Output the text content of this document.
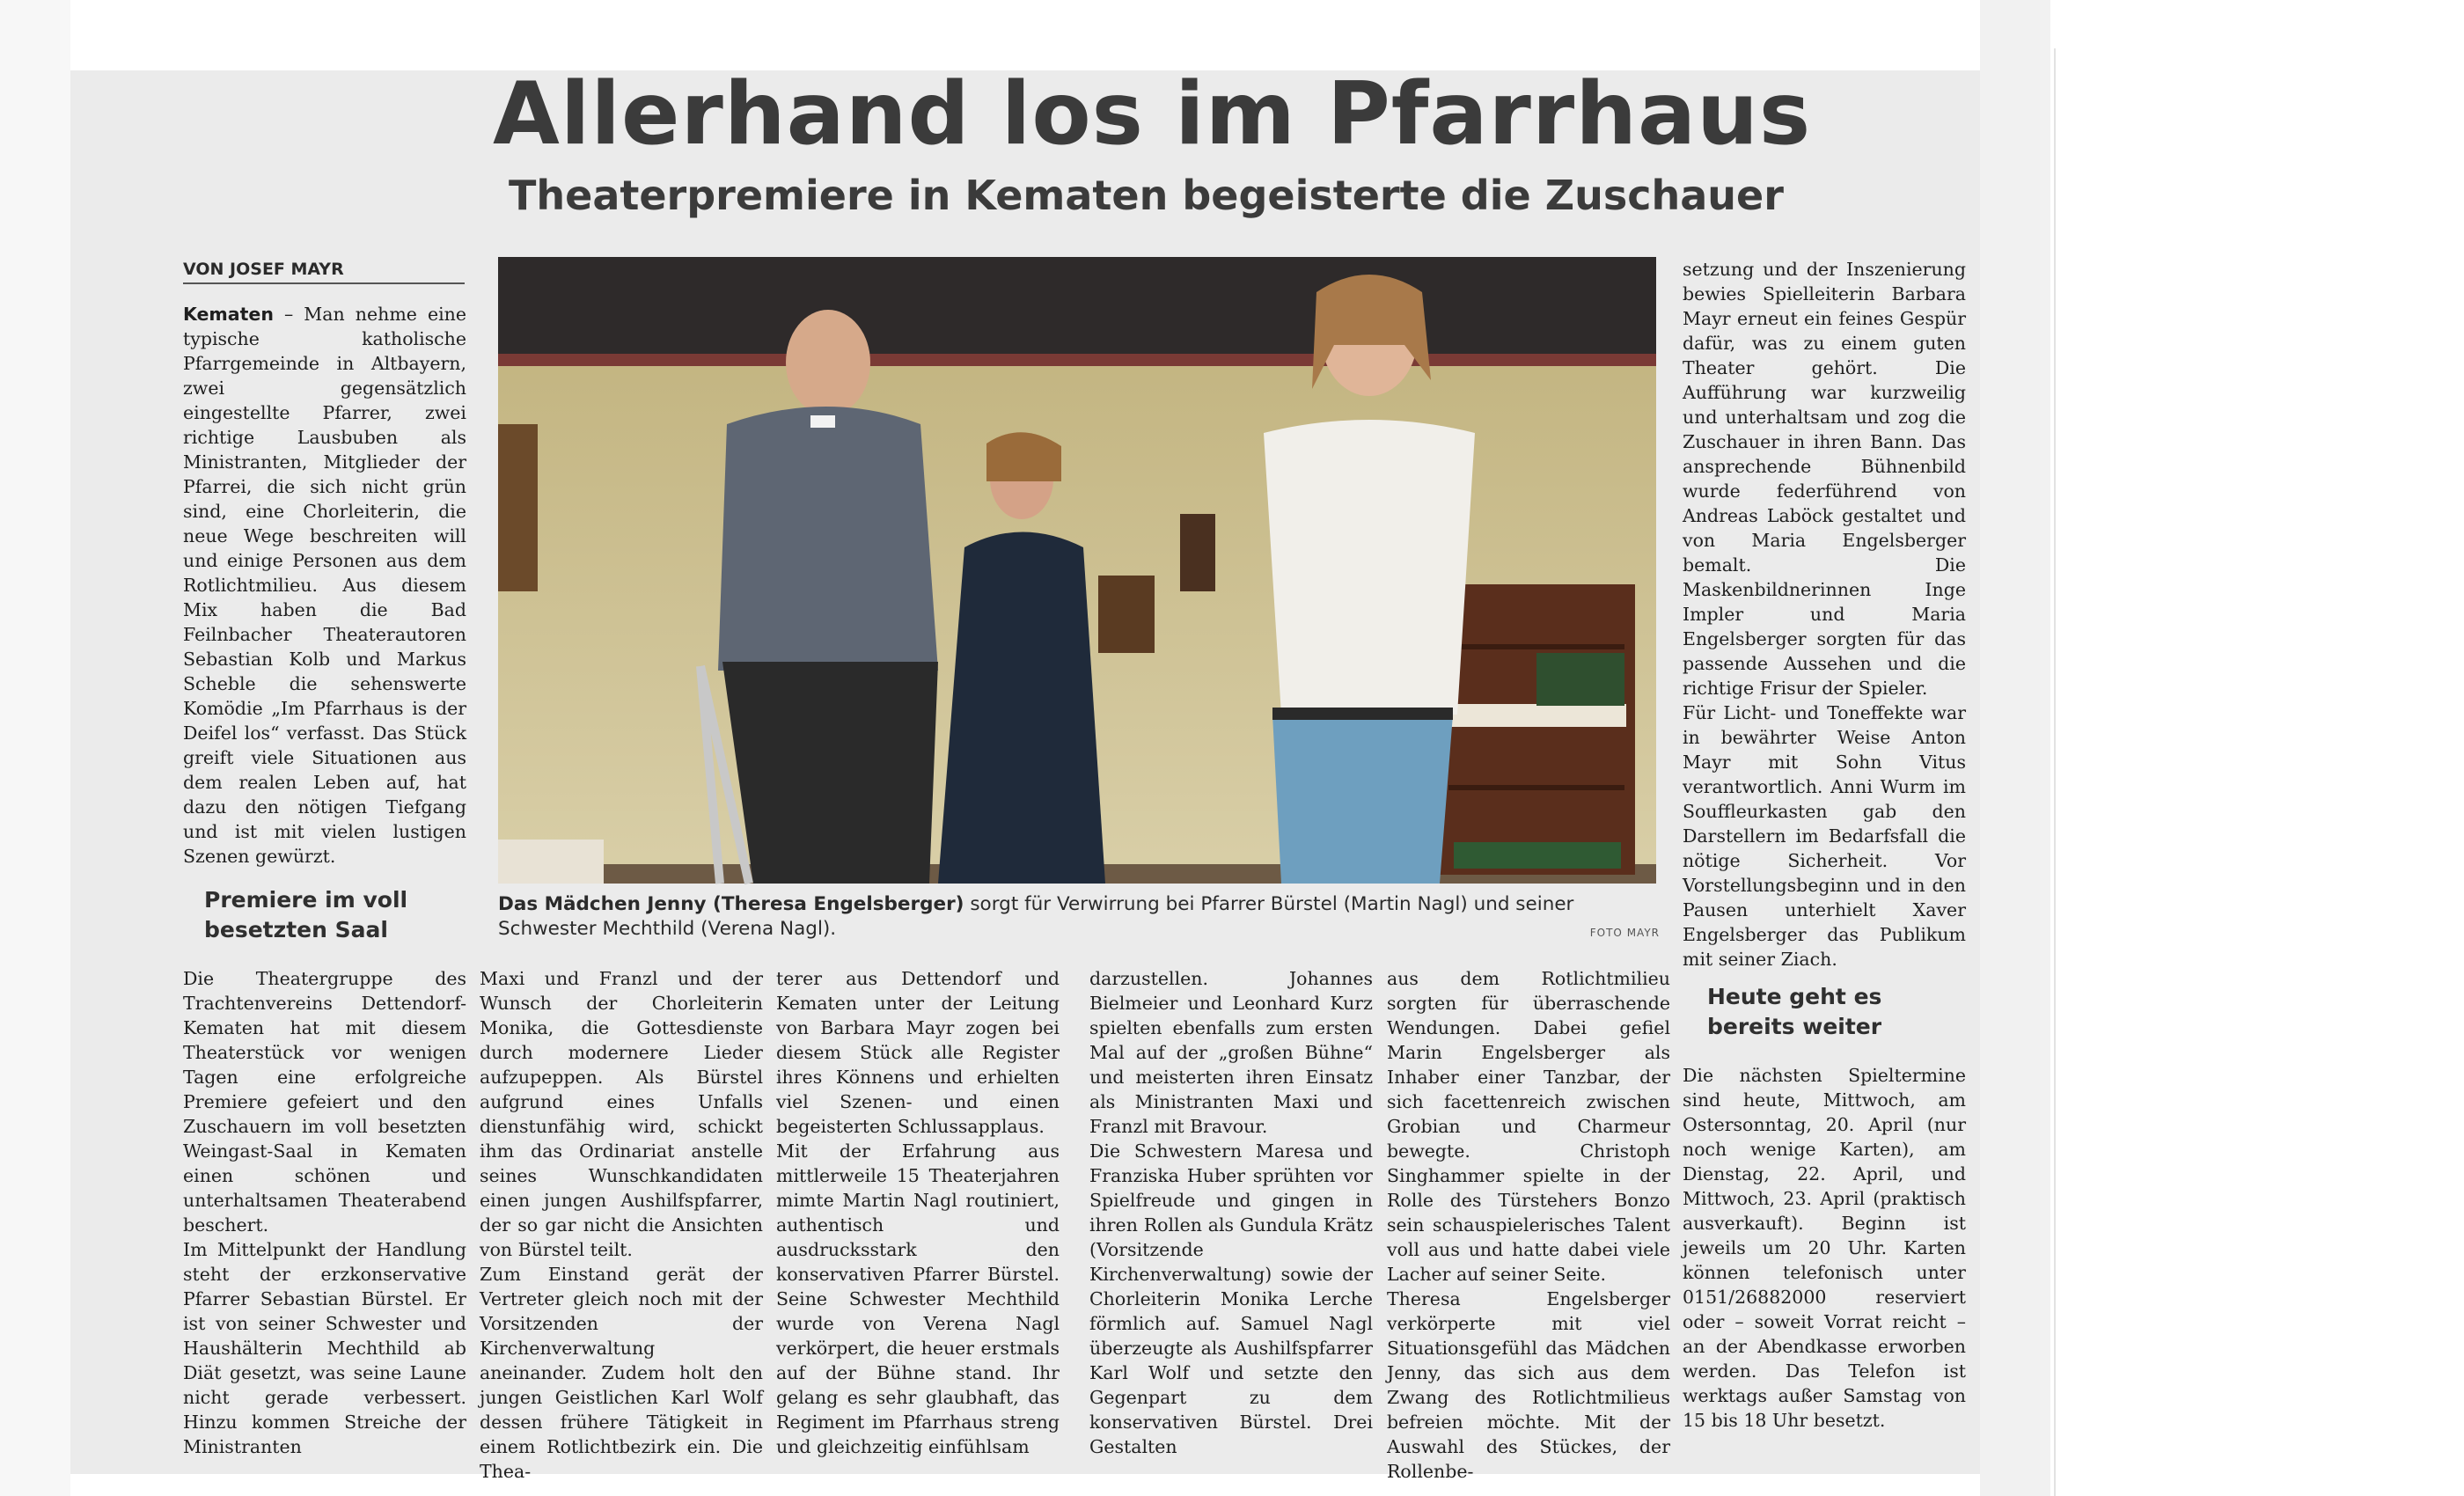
Allerhand los im Pfarrhaus
Theaterpremiere in Kematen begeisterte die Zuschauer
VON JOSEF MAYR

Kematen – Man nehme eine typische katholische Pfarrgemeinde in Altbayern, zwei gegensätzlich eingestellte Pfarrer, zwei richtige Lausbuben als Ministranten, Mitglieder der Pfarrei, die sich nicht grün sind, eine Chorleiterin, die neue Wege beschreiten will und einige Personen aus dem Rotlichtmilieu. Aus diesem Mix haben die Bad Feilnbacher Theaterautoren Sebastian Kolb und Markus Scheble die sehenswerte Komödie „Im Pfarrhaus is der Deifel los“ verfasst. Das Stück greift viele Situationen aus dem realen Leben auf, hat dazu den nötigen Tiefgang und ist mit vielen lustigen Szenen gewürzt.

Premiere im voll besetzten Saal

Das Mädchen Jenny (Theresa Engelsberger) sorgt für Verwirrung bei Pfarrer Bürstel (Martin Nagl) und seiner Schwester Mechthild (Verena Nagl).	FOTO MAYR

Die Theatergruppe des Trachtenvereins Dettendorf-Kematen hat mit diesem Theaterstück vor wenigen Tagen eine erfolgreiche Premiere gefeiert und den Zuschauern im voll besetzten Weingast-Saal in Kematen einen schönen und unterhaltsamen Theaterabend beschert.
Im Mittelpunkt der Handlung steht der erzkonservative Pfarrer Sebastian Bürstel. Er ist von seiner Schwester und Haushälterin Mechthild ab Diät gesetzt, was seine Laune nicht gerade verbessert. Hinzu kommen Streiche der Ministranten

Maxi und Franzl und der Wunsch der Chorleiterin Monika, die Gottesdienste durch modernere Lieder aufzupeppen. Als Bürstel aufgrund eines Unfalls dienstunfähig wird, schickt ihm das Ordinariat anstelle seines Wunschkandidaten einen jungen Aushilfspfarrer, der so gar nicht die Ansichten von Bürstel teilt.
Zum Einstand gerät der Vertreter gleich noch mit der Vorsitzenden der Kirchenverwaltung aneinander. Zudem holt den jungen Geistlichen Karl Wolf dessen frühere Tätigkeit in einem Rotlichtbezirk ein. Die Thea-

terer aus Dettendorf und Kematen unter der Leitung von Barbara Mayr zogen bei diesem Stück alle Register ihres Könnens und erhielten viel Szenen- und einen begeisterten Schlussapplaus.
Mit der Erfahrung aus mittlerweile 15 Theaterjahren mimte Martin Nagl routiniert, authentisch und ausdrucksstark den konservativen Pfarrer Bürstel. Seine Schwester Mechthild wurde von Verena Nagl verkörpert, die heuer erstmals auf der Bühne stand. Ihr gelang es sehr glaubhaft, das Regiment im Pfarrhaus streng und gleichzeitig einfühlsam

darzustellen. Johannes Bielmeier und Leonhard Kurz spielten ebenfalls zum ersten Mal auf der „großen Bühne“ und meisterten ihren Einsatz als Ministranten Maxi und Franzl mit Bravour.
Die Schwestern Maresa und Franziska Huber sprühten vor Spielfreude und gingen in ihren Rollen als Gundula Krätz (Vorsitzende Kirchenverwaltung) sowie der Chorleiterin Monika Lerche förmlich auf. Samuel Nagl überzeugte als Aushilfspfarrer Karl Wolf und setzte den Gegenpart zu dem konservativen Bürstel. Drei Gestalten

aus dem Rotlichtmilieu sorgten für überraschende Wendungen. Dabei gefiel Marin Engelsberger als Inhaber einer Tanzbar, der sich facettenreich zwischen Grobian und Charmeur bewegte. Christoph Singhammer spielte in der Rolle des Türstehers Bonzo sein schauspielerisches Talent voll aus und hatte dabei viele Lacher auf seiner Seite.
Theresa Engelsberger verkörperte mit viel Situationsgefühl das Mädchen Jenny, das sich aus dem Zwang des Rotlichtmilieus befreien möchte. Mit der Auswahl des Stückes, der Rollenbe-

setzung und der Inszenierung bewies Spielleiterin Barbara Mayr erneut ein feines Gespür dafür, was zu einem guten Theater gehört. Die Aufführung war kurzweilig und unterhaltsam und zog die Zuschauer in ihren Bann. Das ansprechende Bühnenbild wurde federführend von Andreas Laböck gestaltet und von Maria Engelsberger bemalt. Die Maskenbildnerinnen Inge Impler und Maria Engelsberger sorgten für das passende Aussehen und die richtige Frisur der Spieler.
Für Licht- und Toneffekte war in bewährter Weise Anton Mayr mit Sohn Vitus verantwortlich. Anni Wurm im Souffleurkasten gab den Darstellern im Bedarfsfall die nötige Sicherheit. Vor Vorstellungsbeginn und in den Pausen unterhielt Xaver Engelsberger das Publikum mit seiner Ziach.

Heute geht es bereits weiter

Die nächsten Spieltermine sind heute, Mittwoch, am Ostersonntag, 20. April (nur noch wenige Karten), am Dienstag, 22. April, und Mittwoch, 23. April (praktisch ausverkauft). Beginn ist jeweils um 20 Uhr. Karten können telefonisch unter 0151/26882000 reserviert oder – soweit Vorrat reicht – an der Abendkasse erworben werden. Das Telefon ist werktags außer Samstag von 15 bis 18 Uhr besetzt.
